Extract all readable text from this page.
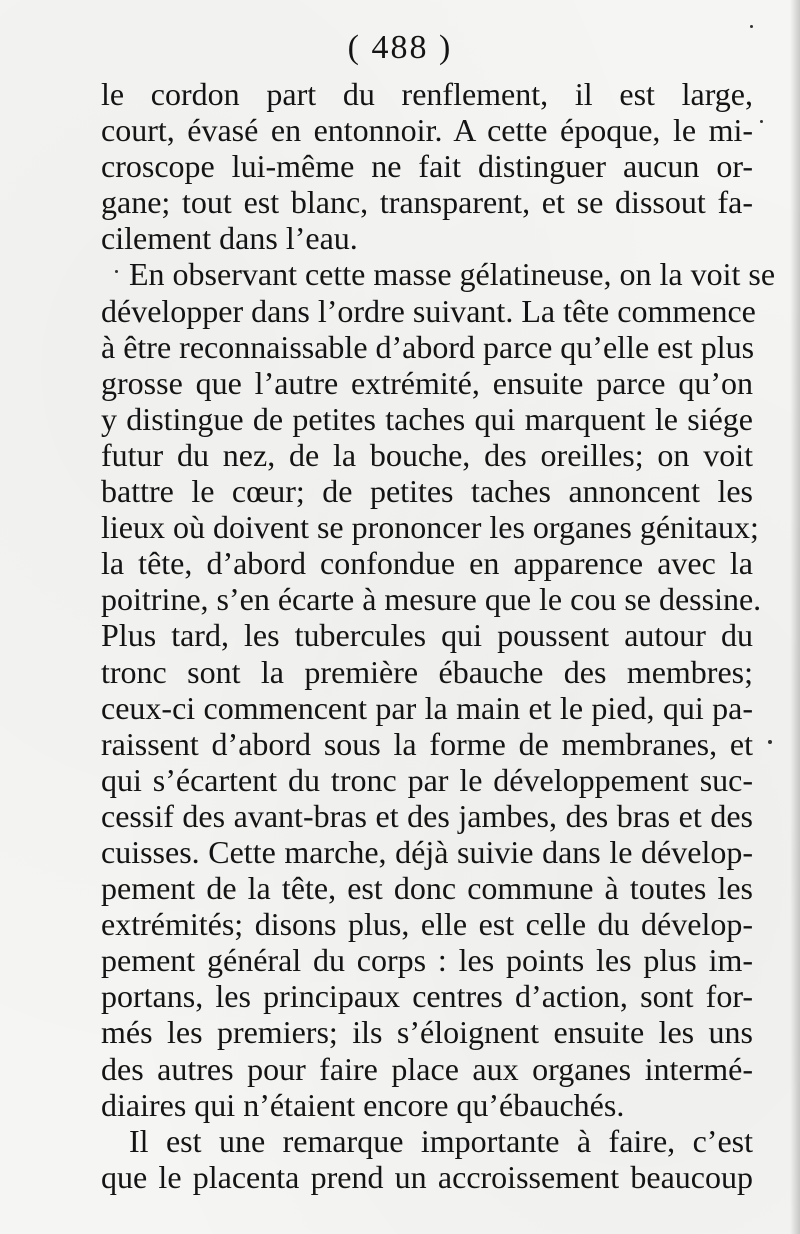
( 488 )
le cordon part du renflement, il est large,
court, évasé en entonnoir. A cette époque, le mi-
croscope lui-même ne fait distinguer aucun or-
gane; tout est blanc, transparent, et se dissout fa-
cilement dans l’eau.
En observant cette masse gélatineuse, on la voit se
développer dans l’ordre suivant. La tête commence
à être reconnaissable d’abord parce qu’elle est plus
grosse que l’autre extrémité, ensuite parce qu’on
y distingue de petites taches qui marquent le siége
futur du nez, de la bouche, des oreilles; on voit
battre le cœur; de petites taches annoncent les
lieux où doivent se prononcer les organes génitaux;
la tête, d’abord confondue en apparence avec la
poitrine, s’en écarte à mesure que le cou se dessine.
Plus tard, les tubercules qui poussent autour du
tronc sont la première ébauche des membres;
ceux-ci commencent par la main et le pied, qui pa-
raissent d’abord sous la forme de membranes, et
qui s’écartent du tronc par le développement suc-
cessif des avant-bras et des jambes, des bras et des
cuisses. Cette marche, déjà suivie dans le dévelop-
pement de la tête, est donc commune à toutes les
extrémités; disons plus, elle est celle du dévelop-
pement général du corps : les points les plus im-
portans, les principaux centres d’action, sont for-
més les premiers; ils s’éloignent ensuite les uns
des autres pour faire place aux organes intermé-
diaires qui n’étaient encore qu’ébauchés.
Il est une remarque importante à faire, c’est
que le placenta prend un accroissement beaucoup
